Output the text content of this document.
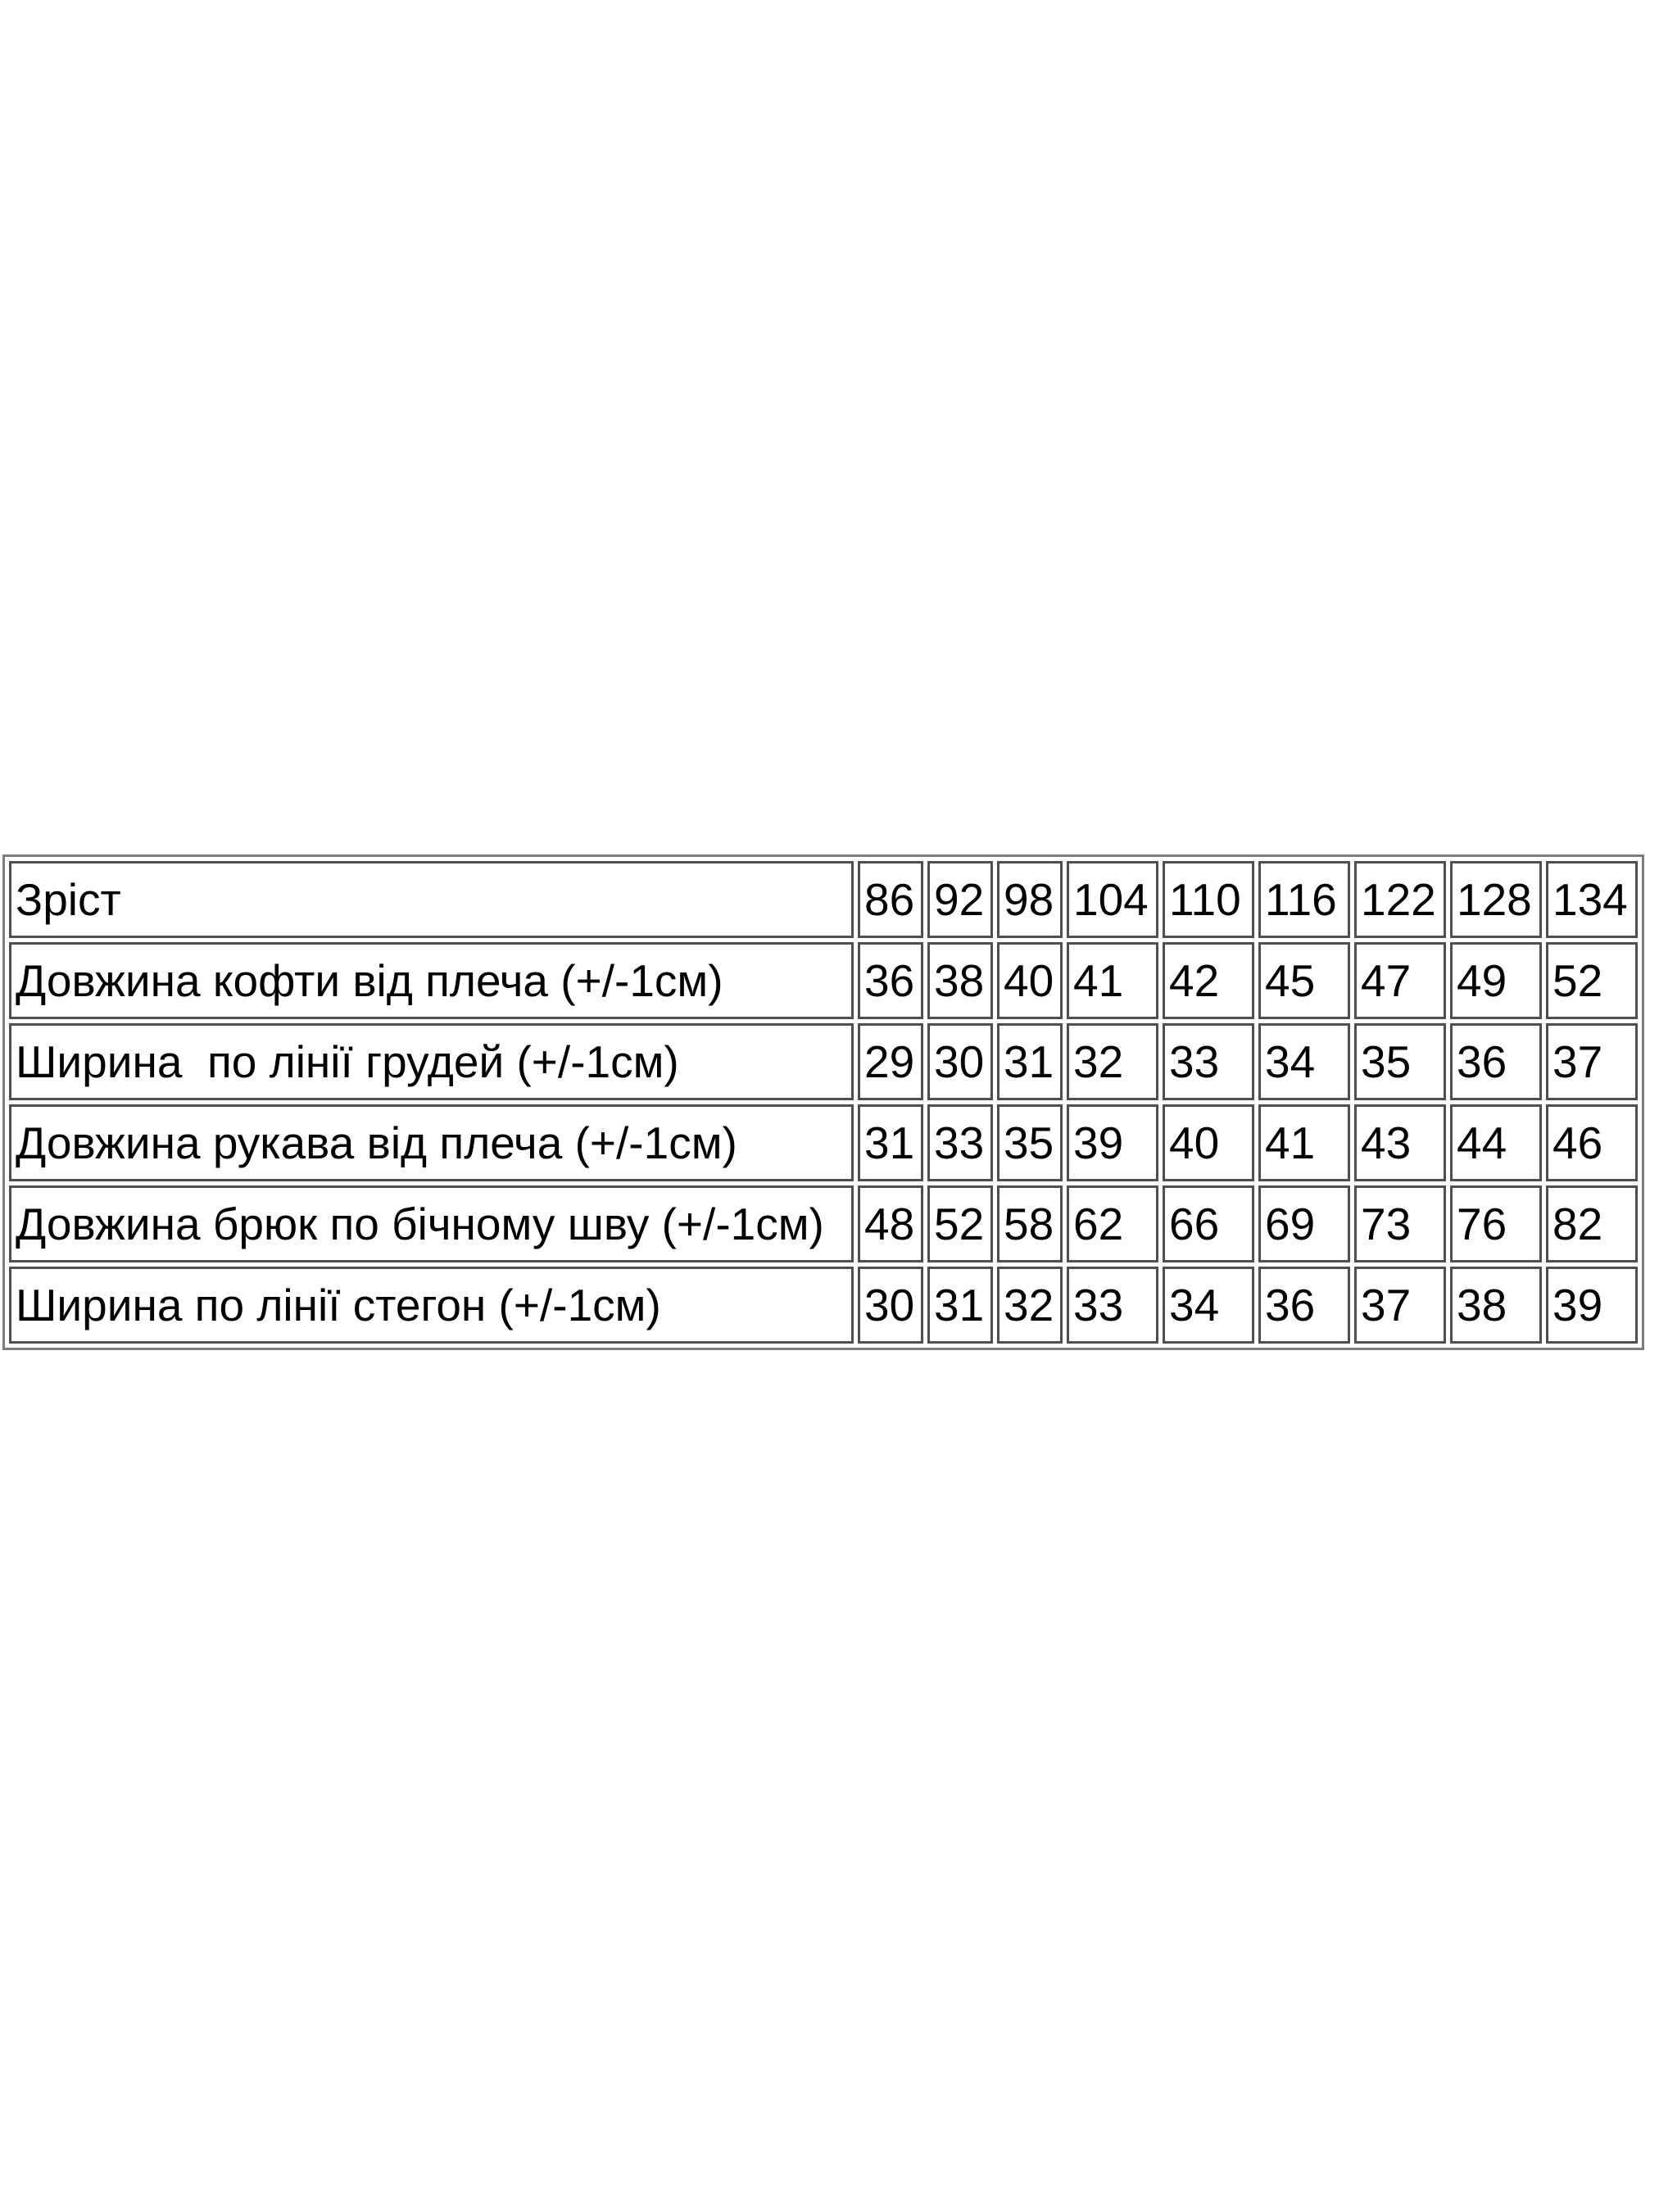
Зріст	86	92	98	104	110	116	122	128	134
Довжина кофти від плеча (+/-1см)	36	38	40	41	42	45	47	49	52
Ширина  по лінії грудей (+/-1см)	29	30	31	32	33	34	35	36	37
Довжина рукава від плеча (+/-1см)	31	33	35	39	40	41	43	44	46
Довжина брюк по бічному шву (+/-1см)	48	52	58	62	66	69	73	76	82
Ширина по лінії стегон (+/-1см)	30	31	32	33	34	36	37	38	39
